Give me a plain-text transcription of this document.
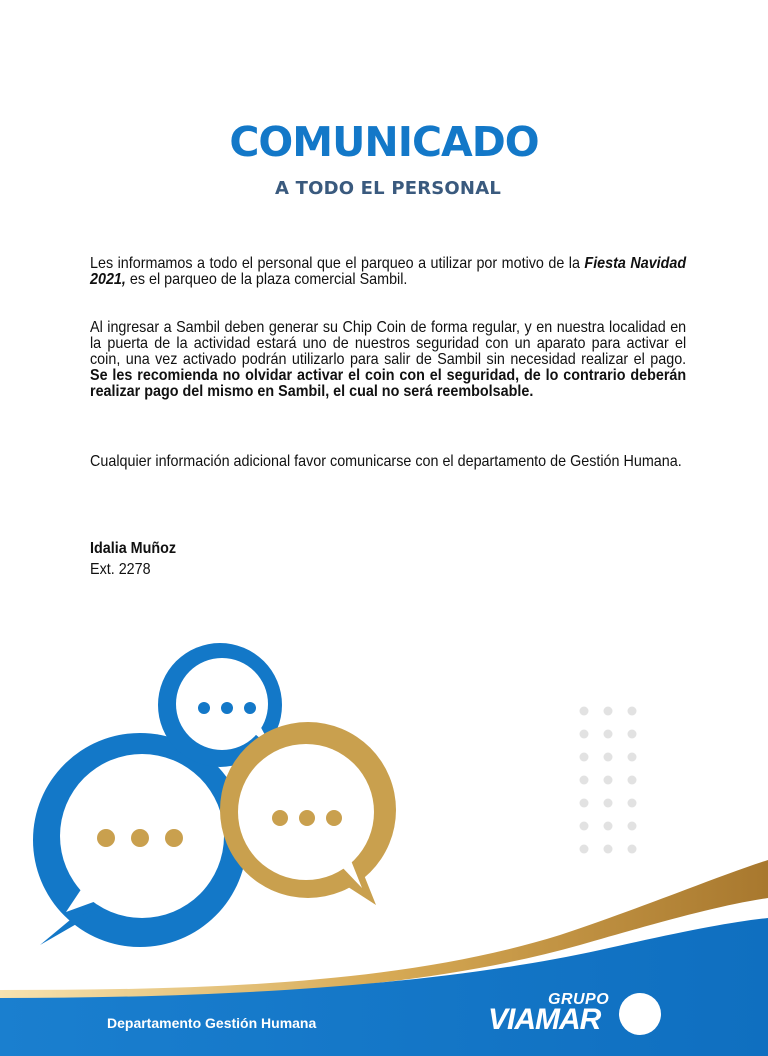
COMUNICADO
A TODO EL PERSONAL
Les informamos a todo el personal que el parqueo a utilizar por motivo de la Fiesta Navidad 2021, es el parqueo de la plaza comercial Sambil.
Al ingresar a Sambil deben generar su Chip Coin de forma regular, y en nuestra localidad en la puerta de la actividad estará uno de nuestros seguridad con un aparato para activar el coin, una vez activado podrán utilizarlo para salir de Sambil sin necesidad realizar el pago. Se les recomienda no olvidar activar el coin con el seguridad, de lo contrario deberán realizar pago del mismo en Sambil, el cual no será reembolsable.
Cualquier información adicional favor comunicarse con el departamento de Gestión Humana.
Idalia Muñoz
Ext. 2278
Departamento Gestión Humana
GRUPO
VIAMAR
